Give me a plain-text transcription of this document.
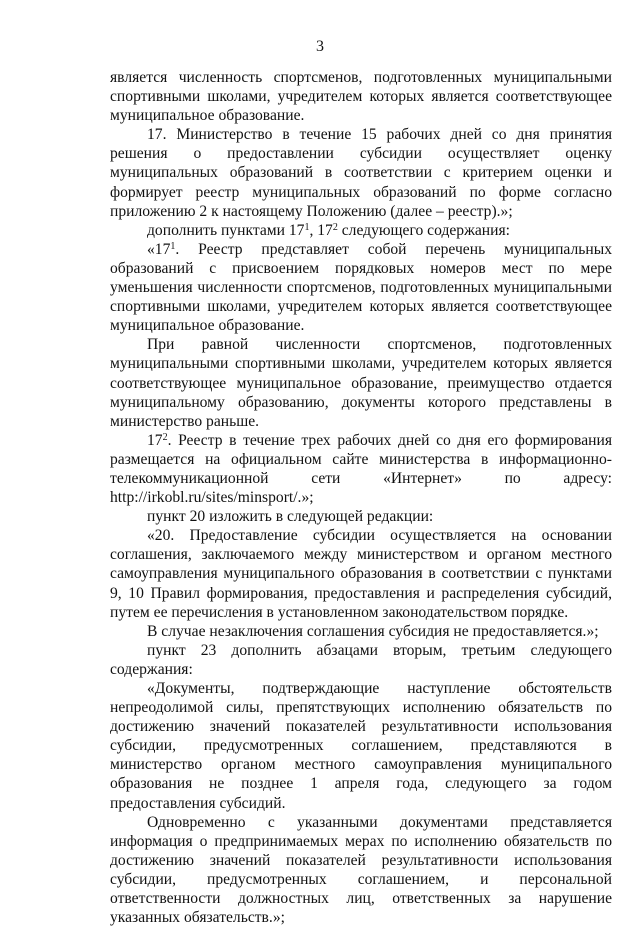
3

является численность спортсменов, подготовленных муниципальными спортивными школами, учредителем которых является соответствующее муниципальное образование.

17. Министерство в течение 15 рабочих дней со дня принятия решения о предоставлении субсидии осуществляет оценку муниципальных образований в соответствии с критерием оценки и формирует реестр муниципальных образований по форме согласно приложению 2 к настоящему Положению (далее – реестр).»;

дополнить пунктами $17^1$, $17^2$ следующего содержания:

«$17^1$. Реестр представляет собой перечень муниципальных образований с присвоением порядковых номеров мест по мере уменьшения численности спортсменов, подготовленных муниципальными спортивными школами, учредителем которых является соответствующее муниципальное образование.

При равной численности спортсменов, подготовленных муниципальными спортивными школами, учредителем которых является соответствующее муниципальное образование, преимущество отдается муниципальному образованию, документы которого представлены в министерство раньше.

$17^2$. Реестр в течение трех рабочих дней со дня его формирования размещается на официальном сайте министерства в информационно-телекоммуникационной сети «Интернет» по адресу: http://irkobl.ru/sites/minsport/.»;

пункт 20 изложить в следующей редакции:

«20. Предоставление субсидии осуществляется на основании соглашения, заключаемого между министерством и органом местного самоуправления муниципального образования в соответствии с пунктами 9, 10 Правил формирования, предоставления и распределения субсидий, путем ее перечисления в установленном законодательством порядке.

В случае незаключения соглашения субсидия не предоставляется.»;

пункт 23 дополнить абзацами вторым, третьим следующего содержания:

«Документы, подтверждающие наступление обстоятельств непреодолимой силы, препятствующих исполнению обязательств по достижению значений показателей результативности использования субсидии, предусмотренных соглашением, представляются в министерство органом местного самоуправления муниципального образования не позднее 1 апреля года, следующего за годом предоставления субсидий.

Одновременно с указанными документами представляется информация о предпринимаемых мерах по исполнению обязательств по достижению значений показателей результативности использования субсидии, предусмотренных соглашением, и персональной ответственности должностных лиц, ответственных за нарушение указанных обязательств.»;
